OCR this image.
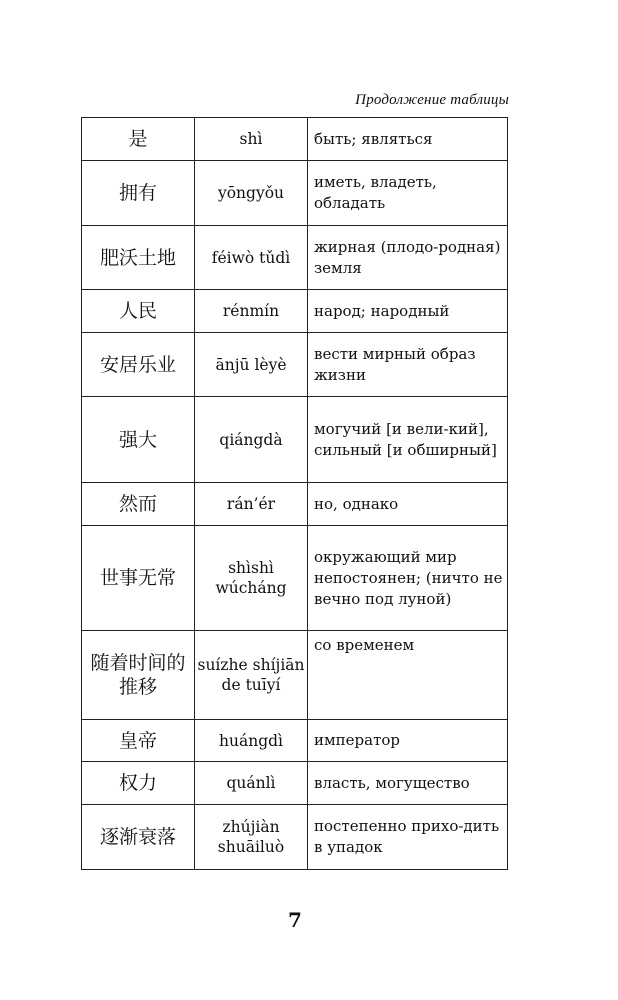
Продолжение таблицы
是	shì	быть; являться

拥有	yōngyǒu	иметь, владеть, обладать

肥沃土地	féiwò tǔdì	жирная (плодо-родная) земля

人民	rénmín	народ; народный

安居乐业	ānjū lèyè	вести мирный образ жизни

强大	qiángdà	могучий [и вели-кий], сильный [и обширный]

然而	rán’ér	но, однако

世事无常	shìshì wúcháng	окружающий мир непостоянен; (ничто не вечно под луной)

随着时间的推移	suízhe shíjiān de tuīyí	со временем

皇帝	huángdì	император

权力	quánlì	власть, могущество

逐渐衰落	zhújiàn shuāiluò	постепенно прихо-дить в упадок
7
